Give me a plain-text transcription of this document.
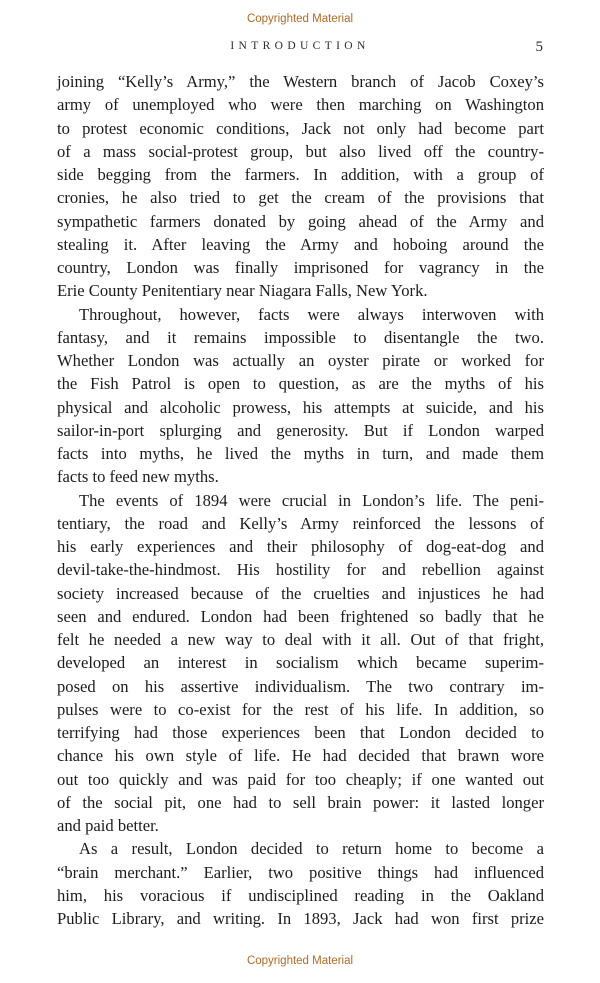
Copyrighted Material
INTRODUCTION	5
joining “Kelly’s Army,” the Western branch of Jacob Coxey’s
army of unemployed who were then marching on Washington
to protest economic conditions, Jack not only had become part
of a mass social-protest group, but also lived off the country-
side begging from the farmers. In addition, with a group of
cronies, he also tried to get the cream of the provisions that
sympathetic farmers donated by going ahead of the Army and
stealing it. After leaving the Army and hoboing around the
country, London was finally imprisoned for vagrancy in the
Erie County Penitentiary near Niagara Falls, New York.
Throughout, however, facts were always interwoven with
fantasy, and it remains impossible to disentangle the two.
Whether London was actually an oyster pirate or worked for
the Fish Patrol is open to question, as are the myths of his
physical and alcoholic prowess, his attempts at suicide, and his
sailor-in-port splurging and generosity. But if London warped
facts into myths, he lived the myths in turn, and made them
facts to feed new myths.
The events of 1894 were crucial in London’s life. The peni-
tentiary, the road and Kelly’s Army reinforced the lessons of
his early experiences and their philosophy of dog-eat-dog and
devil-take-the-hindmost. His hostility for and rebellion against
society increased because of the cruelties and injustices he had
seen and endured. London had been frightened so badly that he
felt he needed a new way to deal with it all. Out of that fright,
developed an interest in socialism which became superim-
posed on his assertive individualism. The two contrary im-
pulses were to co-exist for the rest of his life. In addition, so
terrifying had those experiences been that London decided to
chance his own style of life. He had decided that brawn wore
out too quickly and was paid for too cheaply; if one wanted out
of the social pit, one had to sell brain power: it lasted longer
and paid better.
As a result, London decided to return home to become a
“brain merchant.” Earlier, two positive things had influenced
him, his voracious if undisciplined reading in the Oakland
Public Library, and writing. In 1893, Jack had won first prize
Copyrighted Material
